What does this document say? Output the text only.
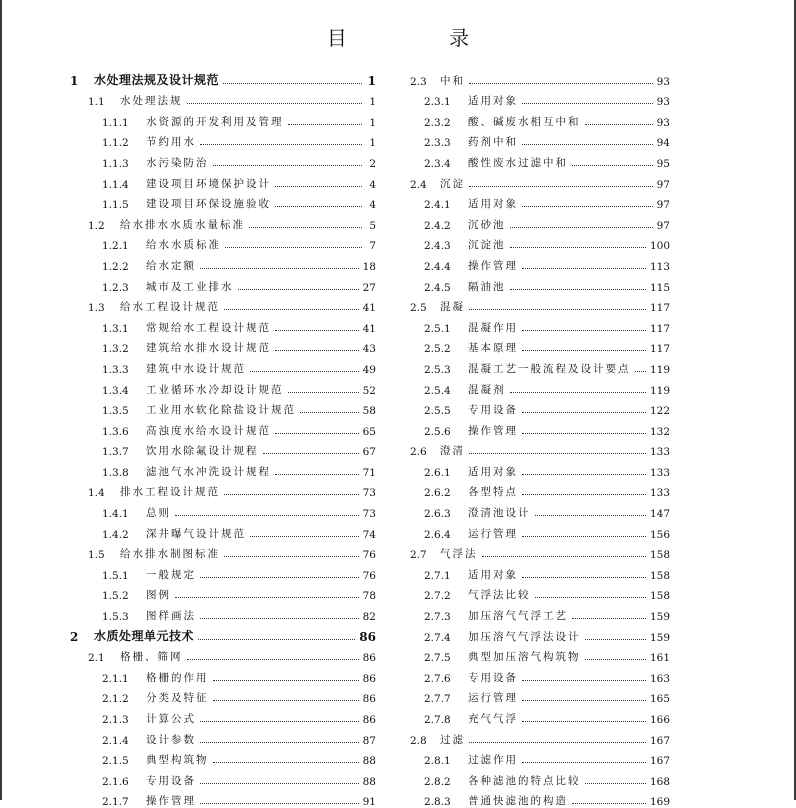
目 录
1	水处理法规及设计规范	1
1.1	水处理法规	1
1.1.1	水资源的开发利用及管理	1
1.1.2	节约用水	1
1.1.3	水污染防治	2
1.1.4	建设项目环境保护设计	4
1.1.5	建设项目环保设施验收	4
1.2	给水排水水质水量标准	5
1.2.1	给水水质标准	7
1.2.2	给水定额	18
1.2.3	城市及工业排水	27
1.3	给水工程设计规范	41
1.3.1	常规给水工程设计规范	41
1.3.2	建筑给水排水设计规范	43
1.3.3	建筑中水设计规范	49
1.3.4	工业循环水冷却设计规范	52
1.3.5	工业用水软化除盐设计规范	58
1.3.6	高浊度水给水设计规范	65
1.3.7	饮用水除氟设计规程	67
1.3.8	滤池气水冲洗设计规程	71
1.4	排水工程设计规范	73
1.4.1	总则	73
1.4.2	深井曝气设计规范	74
1.5	给水排水制图标准	76
1.5.1	一般规定	76
1.5.2	图例	78
1.5.3	图样画法	82
2	水质处理单元技术	86
2.1	格栅、筛网	86
2.1.1	格栅的作用	86
2.1.2	分类及特征	86
2.1.3	计算公式	86
2.1.4	设计参数	87
2.1.5	典型构筑物	88
2.1.6	专用设备	88
2.1.7	操作管理	91
2.3	中和	93
2.3.1	适用对象	93
2.3.2	酸、碱废水相互中和	93
2.3.3	药剂中和	94
2.3.4	酸性废水过滤中和	95
2.4	沉淀	97
2.4.1	适用对象	97
2.4.2	沉砂池	97
2.4.3	沉淀池	100
2.4.4	操作管理	113
2.4.5	隔油池	115
2.5	混凝	117
2.5.1	混凝作用	117
2.5.2	基本原理	117
2.5.3	混凝工艺一般流程及设计要点 119
2.5.4	混凝剂	119
2.5.5	专用设备	122
2.5.6	操作管理	132
2.6	澄清	133
2.6.1	适用对象	133
2.6.2	各型特点	133
2.6.3	澄清池设计	147
2.6.4	运行管理	156
2.7	气浮法	158
2.7.1	适用对象	158
2.7.2	气浮法比较	158
2.7.3	加压溶气气浮工艺	159
2.7.4	加压溶气气浮法设计	159
2.7.5	典型加压溶气构筑物	161
2.7.6	专用设备	163
2.7.7	运行管理	165
2.7.8	充气气浮	166
2.8	过滤	167
2.8.1	过滤作用	167
2.8.2	各种滤池的特点比较	168
2.8.3	普通快滤池的构造	169
